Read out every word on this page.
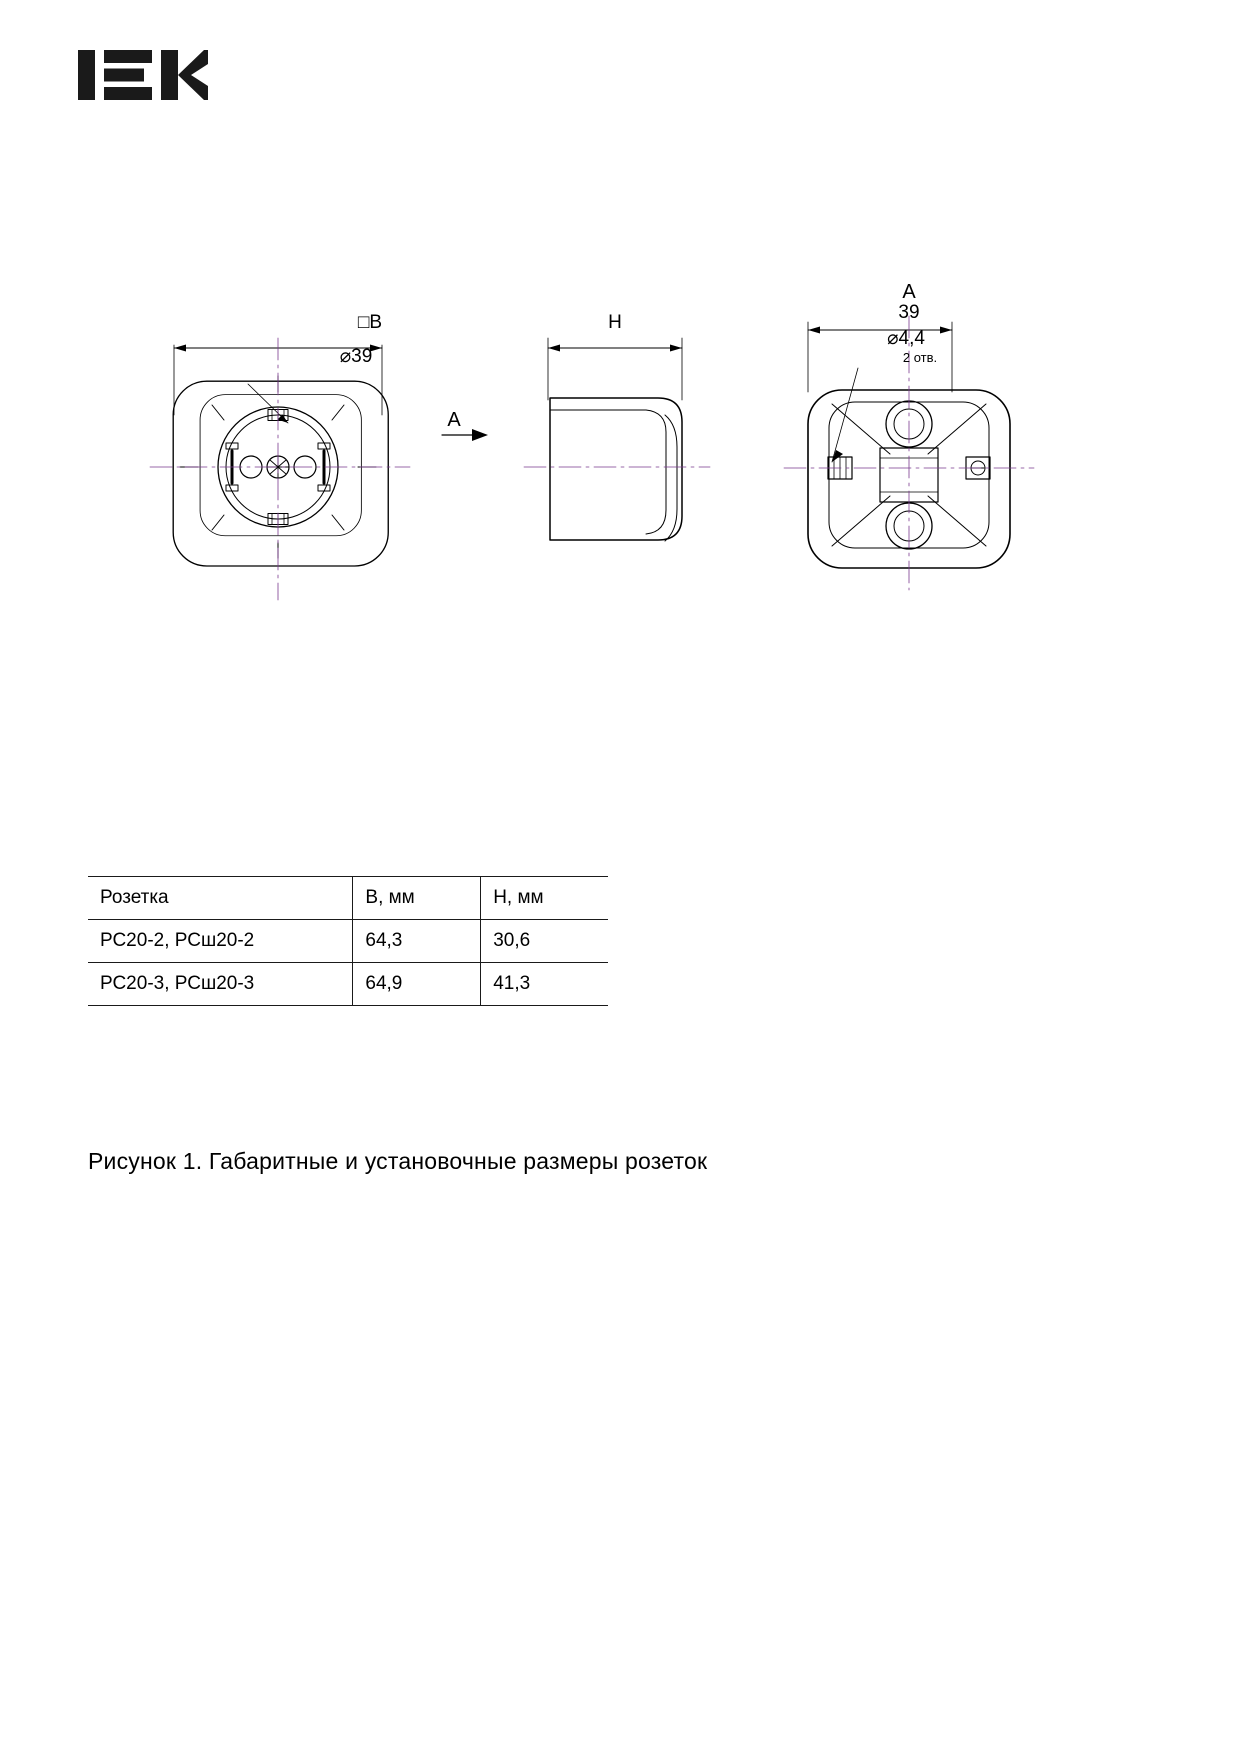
□B
⌀39
A
H
A
39
⌀4,4
2 отв.
Розетка	B, мм	H, мм
РС20-2, РСш20-2	64,3	30,6
РС20-3, РСш20-3	64,9	41,3
Рисунок 1. Габаритные и установочные размеры розеток
